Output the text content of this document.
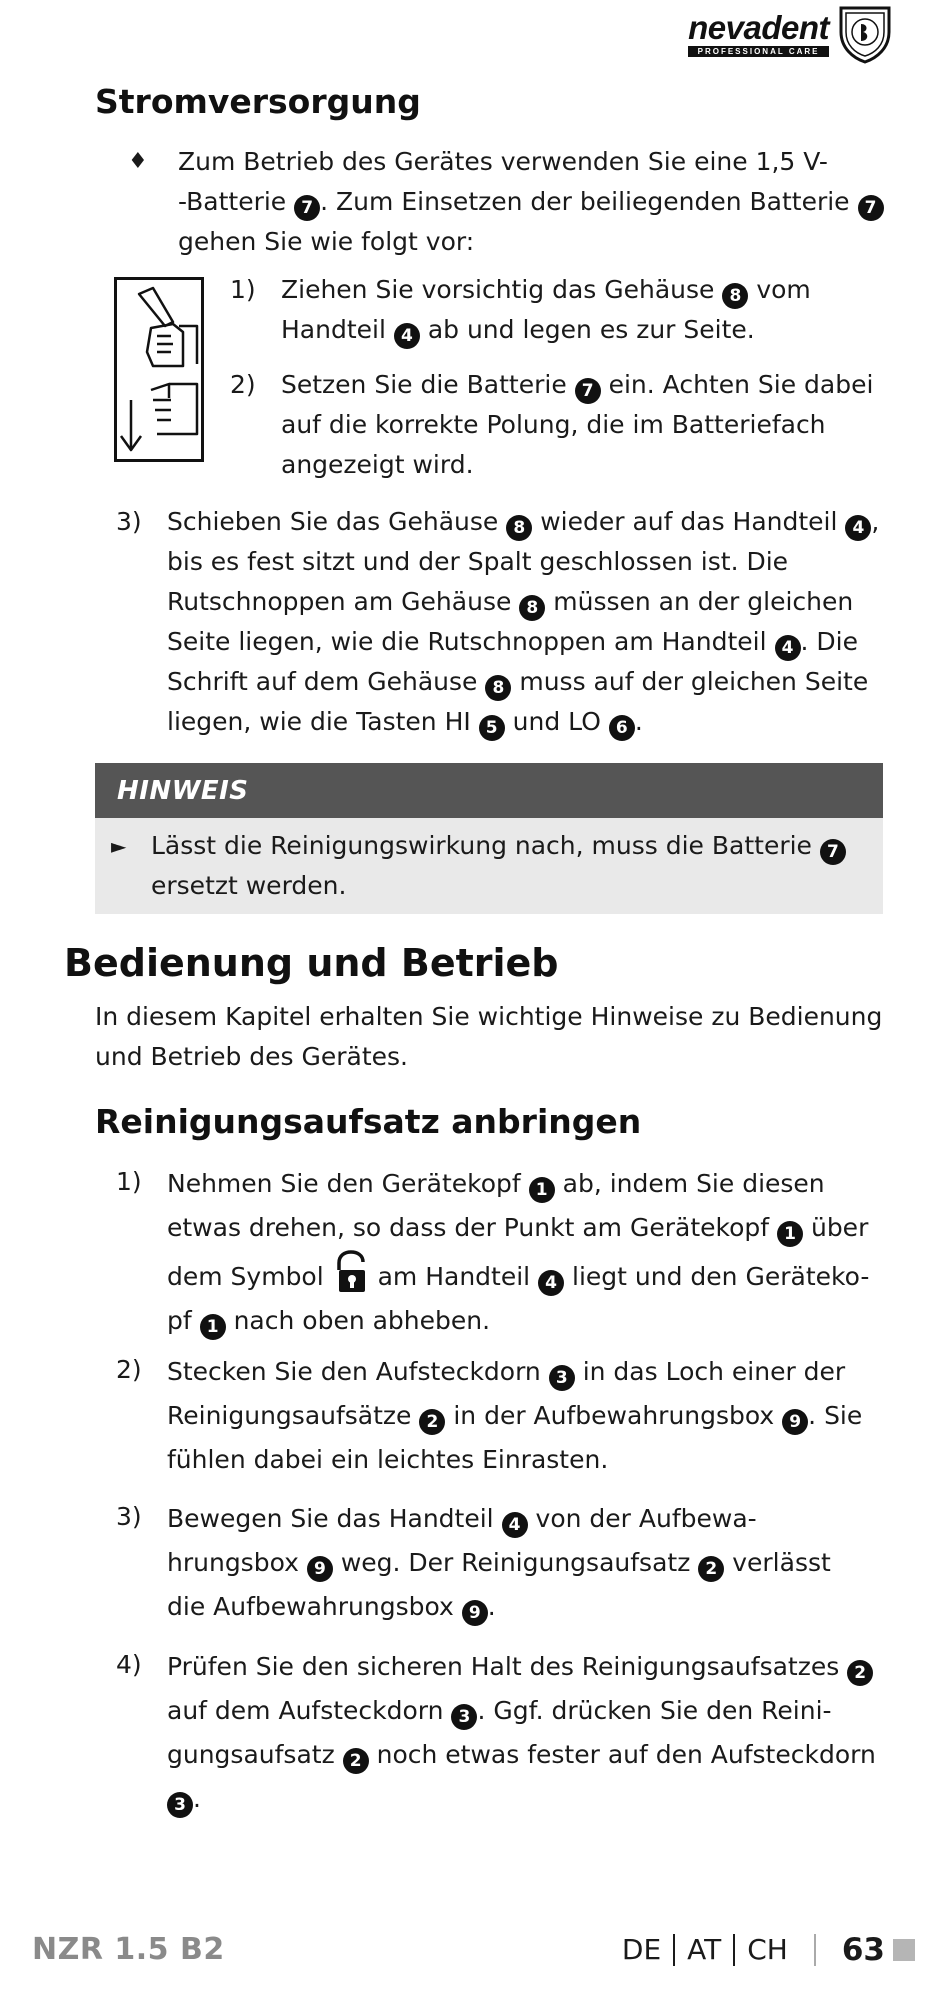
nevadent
PROFESSIONAL CARE
Stromversorgung
♦ Zum Betrieb des Gerätes verwenden Sie eine 1,5 V-
-Batterie 7 . Zum Einsetzen der beiliegenden Batterie 7
gehen Sie wie folgt vor:
1) Ziehen Sie vorsichtig das Gehäuse 8 vom
Handteil 4 ab und legen es zur Seite.
2) Setzen Sie die Batterie 7 ein. Achten Sie dabei
auf die korrekte Polung, die im Batteriefach
angezeigt wird.
3) Schieben Sie das Gehäuse 8 wieder auf das Handteil 4 ,
bis es fest sitzt und der Spalt geschlossen ist. Die
Rutschnoppen am Gehäuse 8 müssen an der gleichen
Seite liegen, wie die Rutschnoppen am Handteil 4 . Die
Schrift auf dem Gehäuse 8 muss auf der gleichen Seite
liegen, wie die Tasten HI 5 und LO 6 .
HINWEIS
► Lässt die Reinigungswirkung nach, muss die Batterie 7
ersetzt werden.
Bedienung und Betrieb
In diesem Kapitel erhalten Sie wichtige Hinweise zu Bedienung
und Betrieb des Gerätes.
Reinigungsaufsatz anbringen
1) Nehmen Sie den Gerätekopf 1 ab, indem Sie diesen
etwas drehen, so dass der Punkt am Gerätekopf 1 über
dem Symbol am Handteil 4 liegt und den Geräteko-
pf 1 nach oben abheben.
2) Stecken Sie den Aufsteckdorn 3 in das Loch einer der
Reinigungsaufsätze 2 in der Aufbewahrungsbox 9 . Sie
fühlen dabei ein leichtes Einrasten.
3) Bewegen Sie das Handteil 4 von der Aufbewa-
hrungsbox 9 weg. Der Reinigungsaufsatz 2 verlässt
die Aufbewahrungsbox 9 .
4) Prüfen Sie den sicheren Halt des Reinigungsaufsatzes 2
auf dem Aufsteckdorn 3 . Ggf. drücken Sie den Reini-
gungsaufsatz 2 noch etwas fester auf den Aufsteckdorn
3 .
NZR 1.5 B2	DE AT CH 63
